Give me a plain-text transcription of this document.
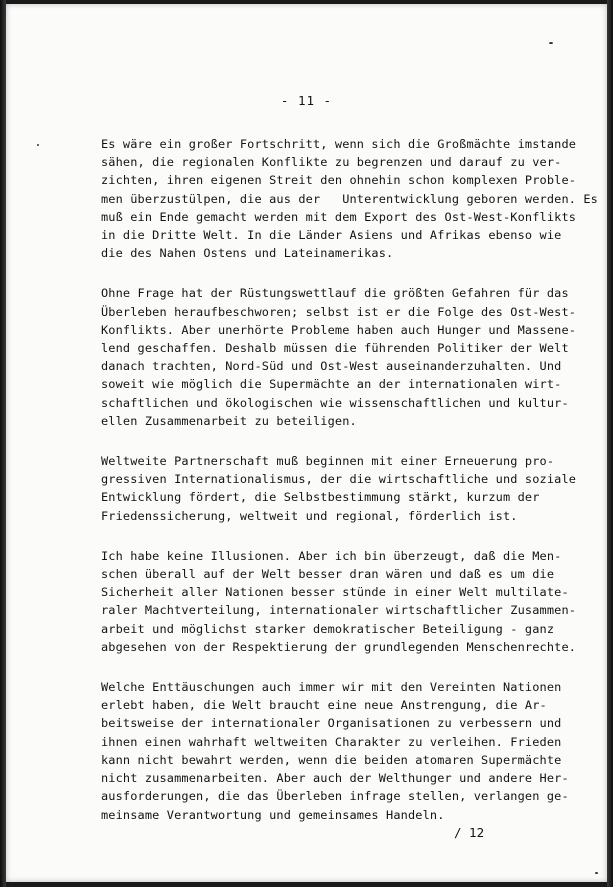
- 11 -
Es wäre ein großer Fortschritt, wenn sich die Großmächte imstande
sähen, die regionalen Konflikte zu begrenzen und darauf zu ver-
zichten, ihren eigenen Streit den ohnehin schon komplexen Proble-
men überzustülpen, die aus der   Unterentwicklung geboren werden. Es
muß ein Ende gemacht werden mit dem Export des Ost-West-Konflikts
in die Dritte Welt. In die Länder Asiens und Afrikas ebenso wie
die des Nahen Ostens und Lateinamerikas.
Ohne Frage hat der Rüstungswettlauf die größten Gefahren für das
Überleben heraufbeschworen; selbst ist er die Folge des Ost-West-
Konflikts. Aber unerhörte Probleme haben auch Hunger und Massene-
lend geschaffen. Deshalb müssen die führenden Politiker der Welt
danach trachten, Nord-Süd und Ost-West auseinanderzuhalten. Und
soweit wie möglich die Supermächte an der internationalen wirt-
schaftlichen und ökologischen wie wissenschaftlichen und kultur-
ellen Zusammenarbeit zu beteiligen.
Weltweite Partnerschaft muß beginnen mit einer Erneuerung pro-
gressiven Internationalismus, der die wirtschaftliche und soziale
Entwicklung fördert, die Selbstbestimmung stärkt, kurzum der
Friedenssicherung, weltweit und regional, förderlich ist.
Ich habe keine Illusionen. Aber ich bin überzeugt, daß die Men-
schen überall auf der Welt besser dran wären und daß es um die
Sicherheit aller Nationen besser stünde in einer Welt multilate-
raler Machtverteilung, internationaler wirtschaftlicher Zusammen-
arbeit und möglichst starker demokratischer Beteiligung - ganz
abgesehen von der Respektierung der grundlegenden Menschenrechte.
Welche Enttäuschungen auch immer wir mit den Vereinten Nationen
erlebt haben, die Welt braucht eine neue Anstrengung, die Ar-
beitsweise der internationaler Organisationen zu verbessern und
ihnen einen wahrhaft weltweiten Charakter zu verleihen. Frieden
kann nicht bewahrt werden, wenn die beiden atomaren Supermächte
nicht zusammenarbeiten. Aber auch der Welthunger und andere Her-
ausforderungen, die das Überleben infrage stellen, verlangen ge-
meinsame Verantwortung und gemeinsames Handeln.
/ 12
